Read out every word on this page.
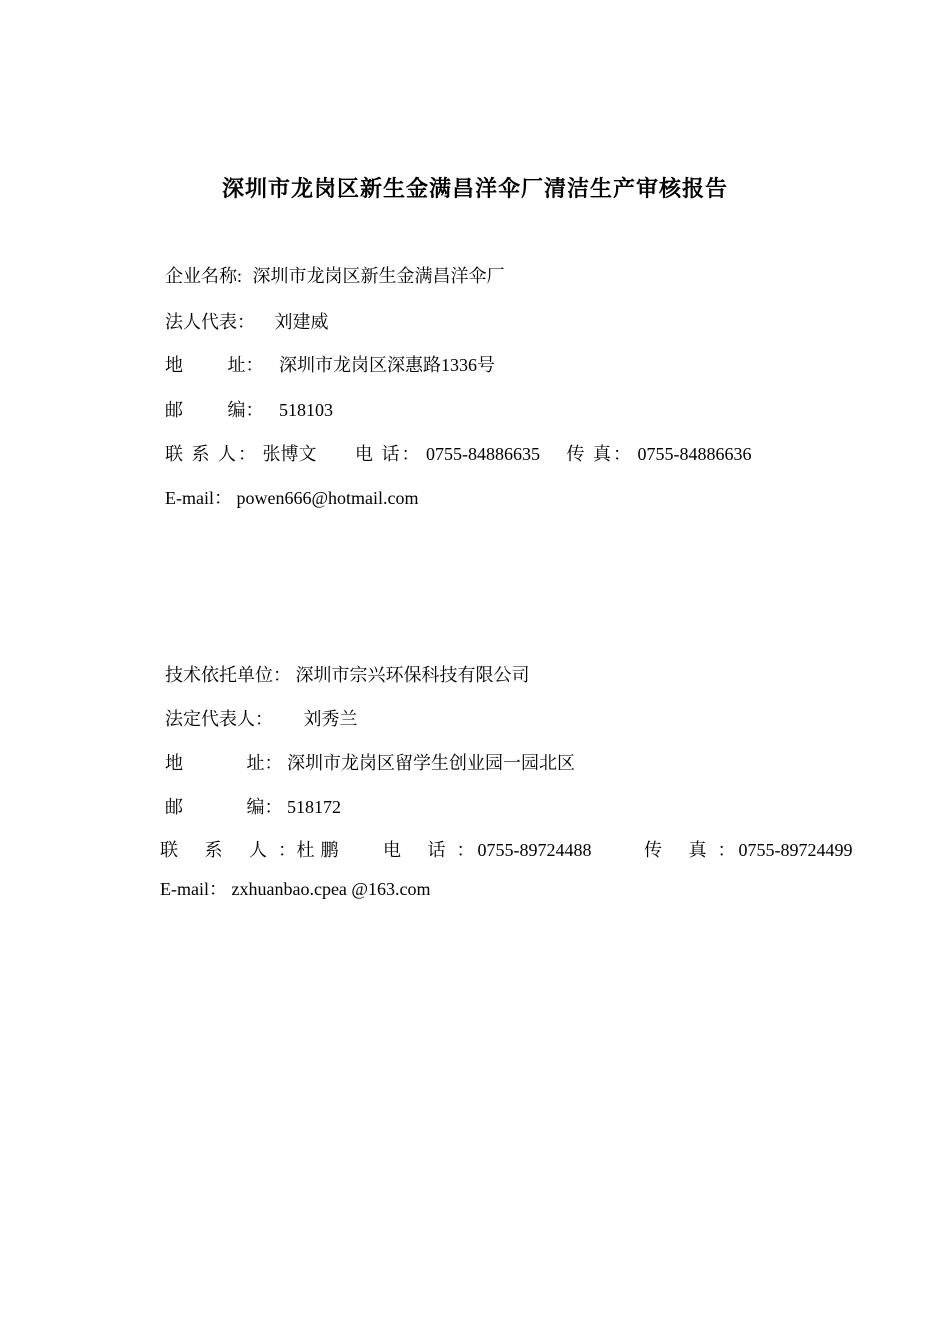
深圳市龙岗区新生金满昌洋伞厂清洁生产审核报告
企业名称: 深圳市龙岗区新生金满昌洋伞厂
法人代表： 刘建威
地 址： 深圳市龙岗区深惠路1336号
邮 编： 518103
联 系 人： 张博文 电 话： 0755-84886635 传 真： 0755-84886636
E-mail： powen666@hotmail.com
技术依托单位： 深圳市宗兴环保科技有限公司
法定代表人： 刘秀兰
地	址： 深圳市龙岗区留学生创业园一园北区
邮	编： 518172
联 系 人： 杜鹏 电 话： 0755-89724488	传 真： 0755-89724499
E-mail： zxhuanbao.cpea @163.com
